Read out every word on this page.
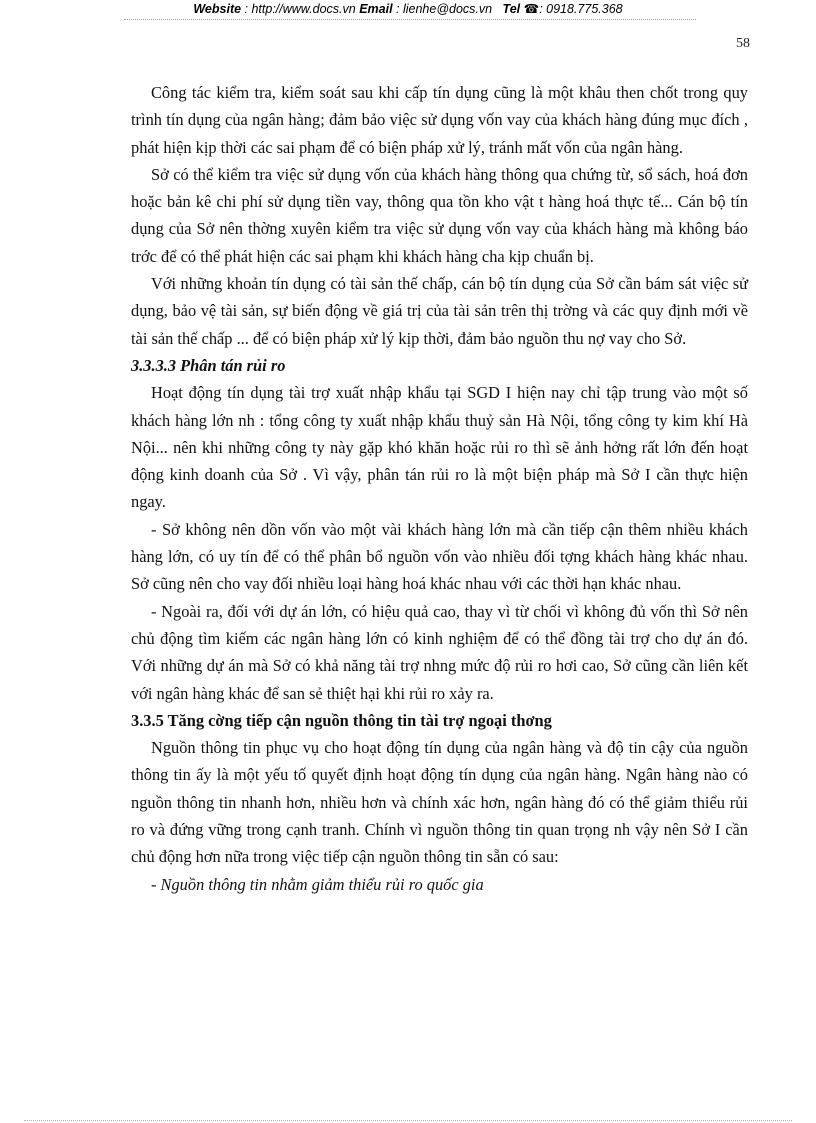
Website : http://www.docs.vn Email : lienhe@docs.vn Tel ☎: 0918.775.368
58

Công tác kiểm tra, kiểm soát sau khi cấp tín dụng cũng là một khâu then chốt trong quy trình tín dụng của ngân hàng; đảm bảo việc sử dụng vốn vay của khách hàng đúng mục đích , phát hiện kịp thời các sai phạm để có biện pháp xử lý, tránh mất vốn của ngân hàng.

Sở có thể kiểm tra việc sử dụng vốn của khách hàng thông qua chứng từ, sổ sách, hoá đơn hoặc bản kê chi phí sử dụng tiền vay, thông qua tồn kho vật t hàng hoá thực tế... Cán bộ tín dụng của Sở nên thờng xuyên kiểm tra việc sử dụng vốn vay của khách hàng mà không báo trớc để có thể phát hiện các sai phạm khi khách hàng cha kịp chuẩn bị.

Với những khoản tín dụng có tài sản thế chấp, cán bộ tín dụng của Sở cần bám sát việc sử dụng, bảo vệ tài sản, sự biến động về giá trị của tài sản trên thị trờng và các quy định mới về tài sản thế chấp ... để có biện pháp xử lý kịp thời, đảm bảo nguồn thu nợ vay cho Sở.

3.3.3.3 Phân tán rủi ro

Hoạt động tín dụng tài trợ xuất nhập khẩu tại SGD I hiện nay chỉ tập trung vào một số khách hàng lớn nh : tổng công ty xuất nhập khẩu thuỷ sản Hà Nội, tổng công ty kim khí Hà Nội... nên khi những công ty này gặp khó khăn hoặc rủi ro thì sẽ ảnh hởng rất lớn đến hoạt động kinh doanh của Sở . Vì vậy, phân tán rủi ro là một biện pháp mà Sở I cần thực hiện ngay.

- Sở không nên dồn vốn vào một vài khách hàng lớn mà cần tiếp cận thêm nhiều khách hàng lớn, có uy tín để có thể phân bổ nguồn vốn vào nhiều đối tợng khách hàng khác nhau. Sở cũng nên cho vay đối nhiều loại hàng hoá khác nhau với các thời hạn khác nhau.

- Ngoài ra, đối với dự án lớn, có hiệu quả cao, thay vì từ chối vì không đủ vốn thì Sở nên chủ động tìm kiếm các ngân hàng lớn có kinh nghiệm để có thể đồng tài trợ cho dự án đó. Với những dự án mà Sở có khả năng tài trợ nhng mức độ rủi ro hơi cao, Sở cũng cần liên kết với ngân hàng khác để san sẻ thiệt hại khi rủi ro xảy ra.

3.3.5 Tăng cờng tiếp cận nguồn thông tin tài trợ ngoại thơng

Nguồn thông tin phục vụ cho hoạt động tín dụng của ngân hàng và độ tin cậy của nguồn thông tin ấy là một yếu tố quyết định hoạt động tín dụng của ngân hàng. Ngân hàng nào có nguồn thông tin nhanh hơn, nhiều hơn và chính xác hơn, ngân hàng đó có thể giảm thiểu rủi ro và đứng vững trong cạnh tranh. Chính vì nguồn thông tin quan trọng nh vậy nên Sở I cần chủ động hơn nữa trong việc tiếp cận nguồn thông tin sẵn có sau:

- Nguồn thông tin nhằm giảm thiểu rủi ro quốc gia
